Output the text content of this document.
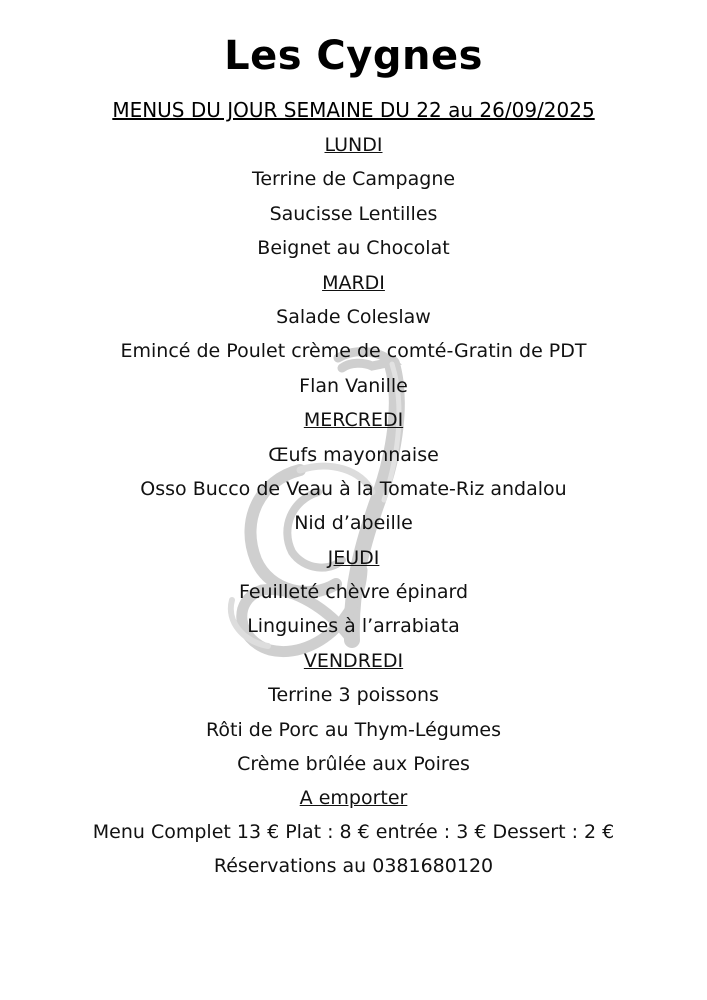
Les Cygnes
MENUS DU JOUR SEMAINE DU 22 au 26/09/2025
LUNDI
Terrine de Campagne
Saucisse Lentilles
Beignet au Chocolat
MARDI
Salade Coleslaw
Emincé de Poulet crème de comté-Gratin de PDT
Flan Vanille
MERCREDI
Œufs mayonnaise
Osso Bucco de Veau à la Tomate-Riz andalou
Nid d’abeille
JEUDI
Feuilleté chèvre épinard
Linguines à l’arrabiata
VENDREDI
Terrine 3 poissons
Rôti de Porc au Thym-Légumes
Crème brûlée aux Poires
A emporter
Menu Complet 13 € Plat : 8 € entrée : 3 € Dessert : 2 €
Réservations au 0381680120
